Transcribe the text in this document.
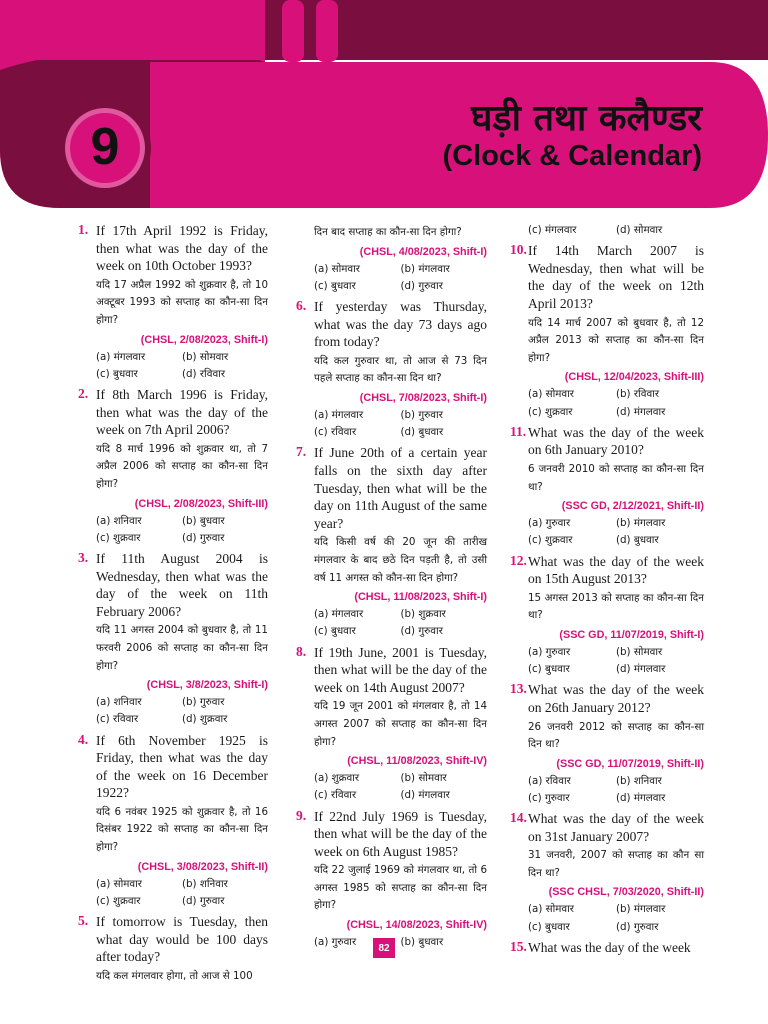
9	घड़ी तथा कलैण्डर
(Clock & Calendar)
1. If 17th April 1992 is Friday, then what was the day of the week on 10th October 1993?
यदि 17 अप्रैल 1992 को शुक्रवार है, तो 10 अक्टूबर 1993 को सप्ताह का कौन-सा दिन होगा?
(CHSL, 2/08/2023, Shift-I)
(a) मंगलवार	(b) सोमवार
(c) बुधवार	(d) रविवार
2. If 8th March 1996 is Friday, then what was the day of the week on 7th April 2006?
यदि 8 मार्च 1996 को शुक्रवार था, तो 7 अप्रैल 2006 को सप्ताह का कौन-सा दिन होगा?
(CHSL, 2/08/2023, Shift-III)
(a) शनिवार	(b) बुधवार
(c) शुक्रवार	(d) गुरुवार
3. If 11th August 2004 is Wednesday, then what was the day of the week on 11th February 2006?
यदि 11 अगस्त 2004 को बुधवार है, तो 11 फरवरी 2006 को सप्ताह का कौन-सा दिन होगा?
(CHSL, 3/8/2023, Shift-I)
(a) शनिवार	(b) गुरुवार
(c) रविवार	(d) शुक्रवार
4. If 6th November 1925 is Friday, then what was the day of the week on 16 December 1922?
यदि 6 नवंबर 1925 को शुक्रवार है, तो 16 दिसंबर 1922 को सप्ताह का कौन-सा दिन होगा?
(CHSL, 3/08/2023, Shift-II)
(a) सोमवार	(b) शनिवार
(c) शुक्रवार	(d) गुरुवार
5. If tomorrow is Tuesday, then what day would be 100 days after today?
यदि कल मंगलवार होगा, तो आज से 100
दिन बाद सप्ताह का कौन-सा दिन होगा?
(CHSL, 4/08/2023, Shift-I)
(a) सोमवार	(b) मंगलवार
(c) बुधवार	(d) गुरुवार
6. If yesterday was Thursday, what was the day 73 days ago from today?
यदि कल गुरुवार था, तो आज से 73 दिन पहले सप्ताह का कौन-सा दिन था?
(CHSL, 7/08/2023, Shift-I)
(a) मंगलवार	(b) गुरुवार
(c) रविवार	(d) बुधवार
7. If June 20th of a certain year falls on the sixth day after Tuesday, then what will be the day on 11th August of the same year?
यदि किसी वर्ष की 20 जून की तारीख मंगलवार के बाद छठे दिन पड़ती है, तो उसी वर्ष 11 अगस्त को कौन-सा दिन होगा?
(CHSL, 11/08/2023, Shift-I)
(a) मंगलवार	(b) शुक्रवार
(c) बुधवार	(d) गुरुवार
8. If 19th June, 2001 is Tuesday, then what will be the day of the week on 14th August 2007?
यदि 19 जून 2001 को मंगलवार है, तो 14 अगस्त 2007 को सप्ताह का कौन-सा दिन होगा?
(CHSL, 11/08/2023, Shift-IV)
(a) शुक्रवार	(b) सोमवार
(c) रविवार	(d) मंगलवार
9. If 22nd July 1969 is Tuesday, then what will be the day of the week on 6th August 1985?
यदि 22 जुलाई 1969 को मंगलवार था, तो 6 अगस्त 1985 को सप्ताह का कौन-सा दिन होगा?
(CHSL, 14/08/2023, Shift-IV)
(a) गुरुवार	(b) बुधवार
(c) मंगलवार	(d) सोमवार
10. If 14th March 2007 is Wednesday, then what will be the day of the week on 12th April 2013?
यदि 14 मार्च 2007 को बुधवार है, तो 12 अप्रैल 2013 को सप्ताह का कौन-सा दिन होगा?
(CHSL, 12/04/2023, Shift-III)
(a) सोमवार	(b) रविवार
(c) शुक्रवार	(d) मंगलवार
11. What was the day of the week on 6th January 2010?
6 जनवरी 2010 को सप्ताह का कौन-सा दिन था?
(SSC GD, 2/12/2021, Shift-II)
(a) गुरुवार	(b) मंगलवार
(c) शुक्रवार	(d) बुधवार
12. What was the day of the week on 15th August 2013?
15 अगस्त 2013 को सप्ताह का कौन-सा दिन था?
(SSC GD, 11/07/2019, Shift-I)
(a) गुरुवार	(b) सोमवार
(c) बुधवार	(d) मंगलवार
13. What was the day of the week on 26th January 2012?
26 जनवरी 2012 को सप्ताह का कौन-सा दिन था?
(SSC GD, 11/07/2019, Shift-II)
(a) रविवार	(b) शनिवार
(c) गुरुवार	(d) मंगलवार
14. What was the day of the week on 31st January 2007?
31 जनवरी, 2007 को सप्ताह का कौन सा दिन था?
(SSC CHSL, 7/03/2020, Shift-II)
(a) सोमवार	(b) मंगलवार
(c) बुधवार	(d) गुरुवार
15. What was the day of the week
82
